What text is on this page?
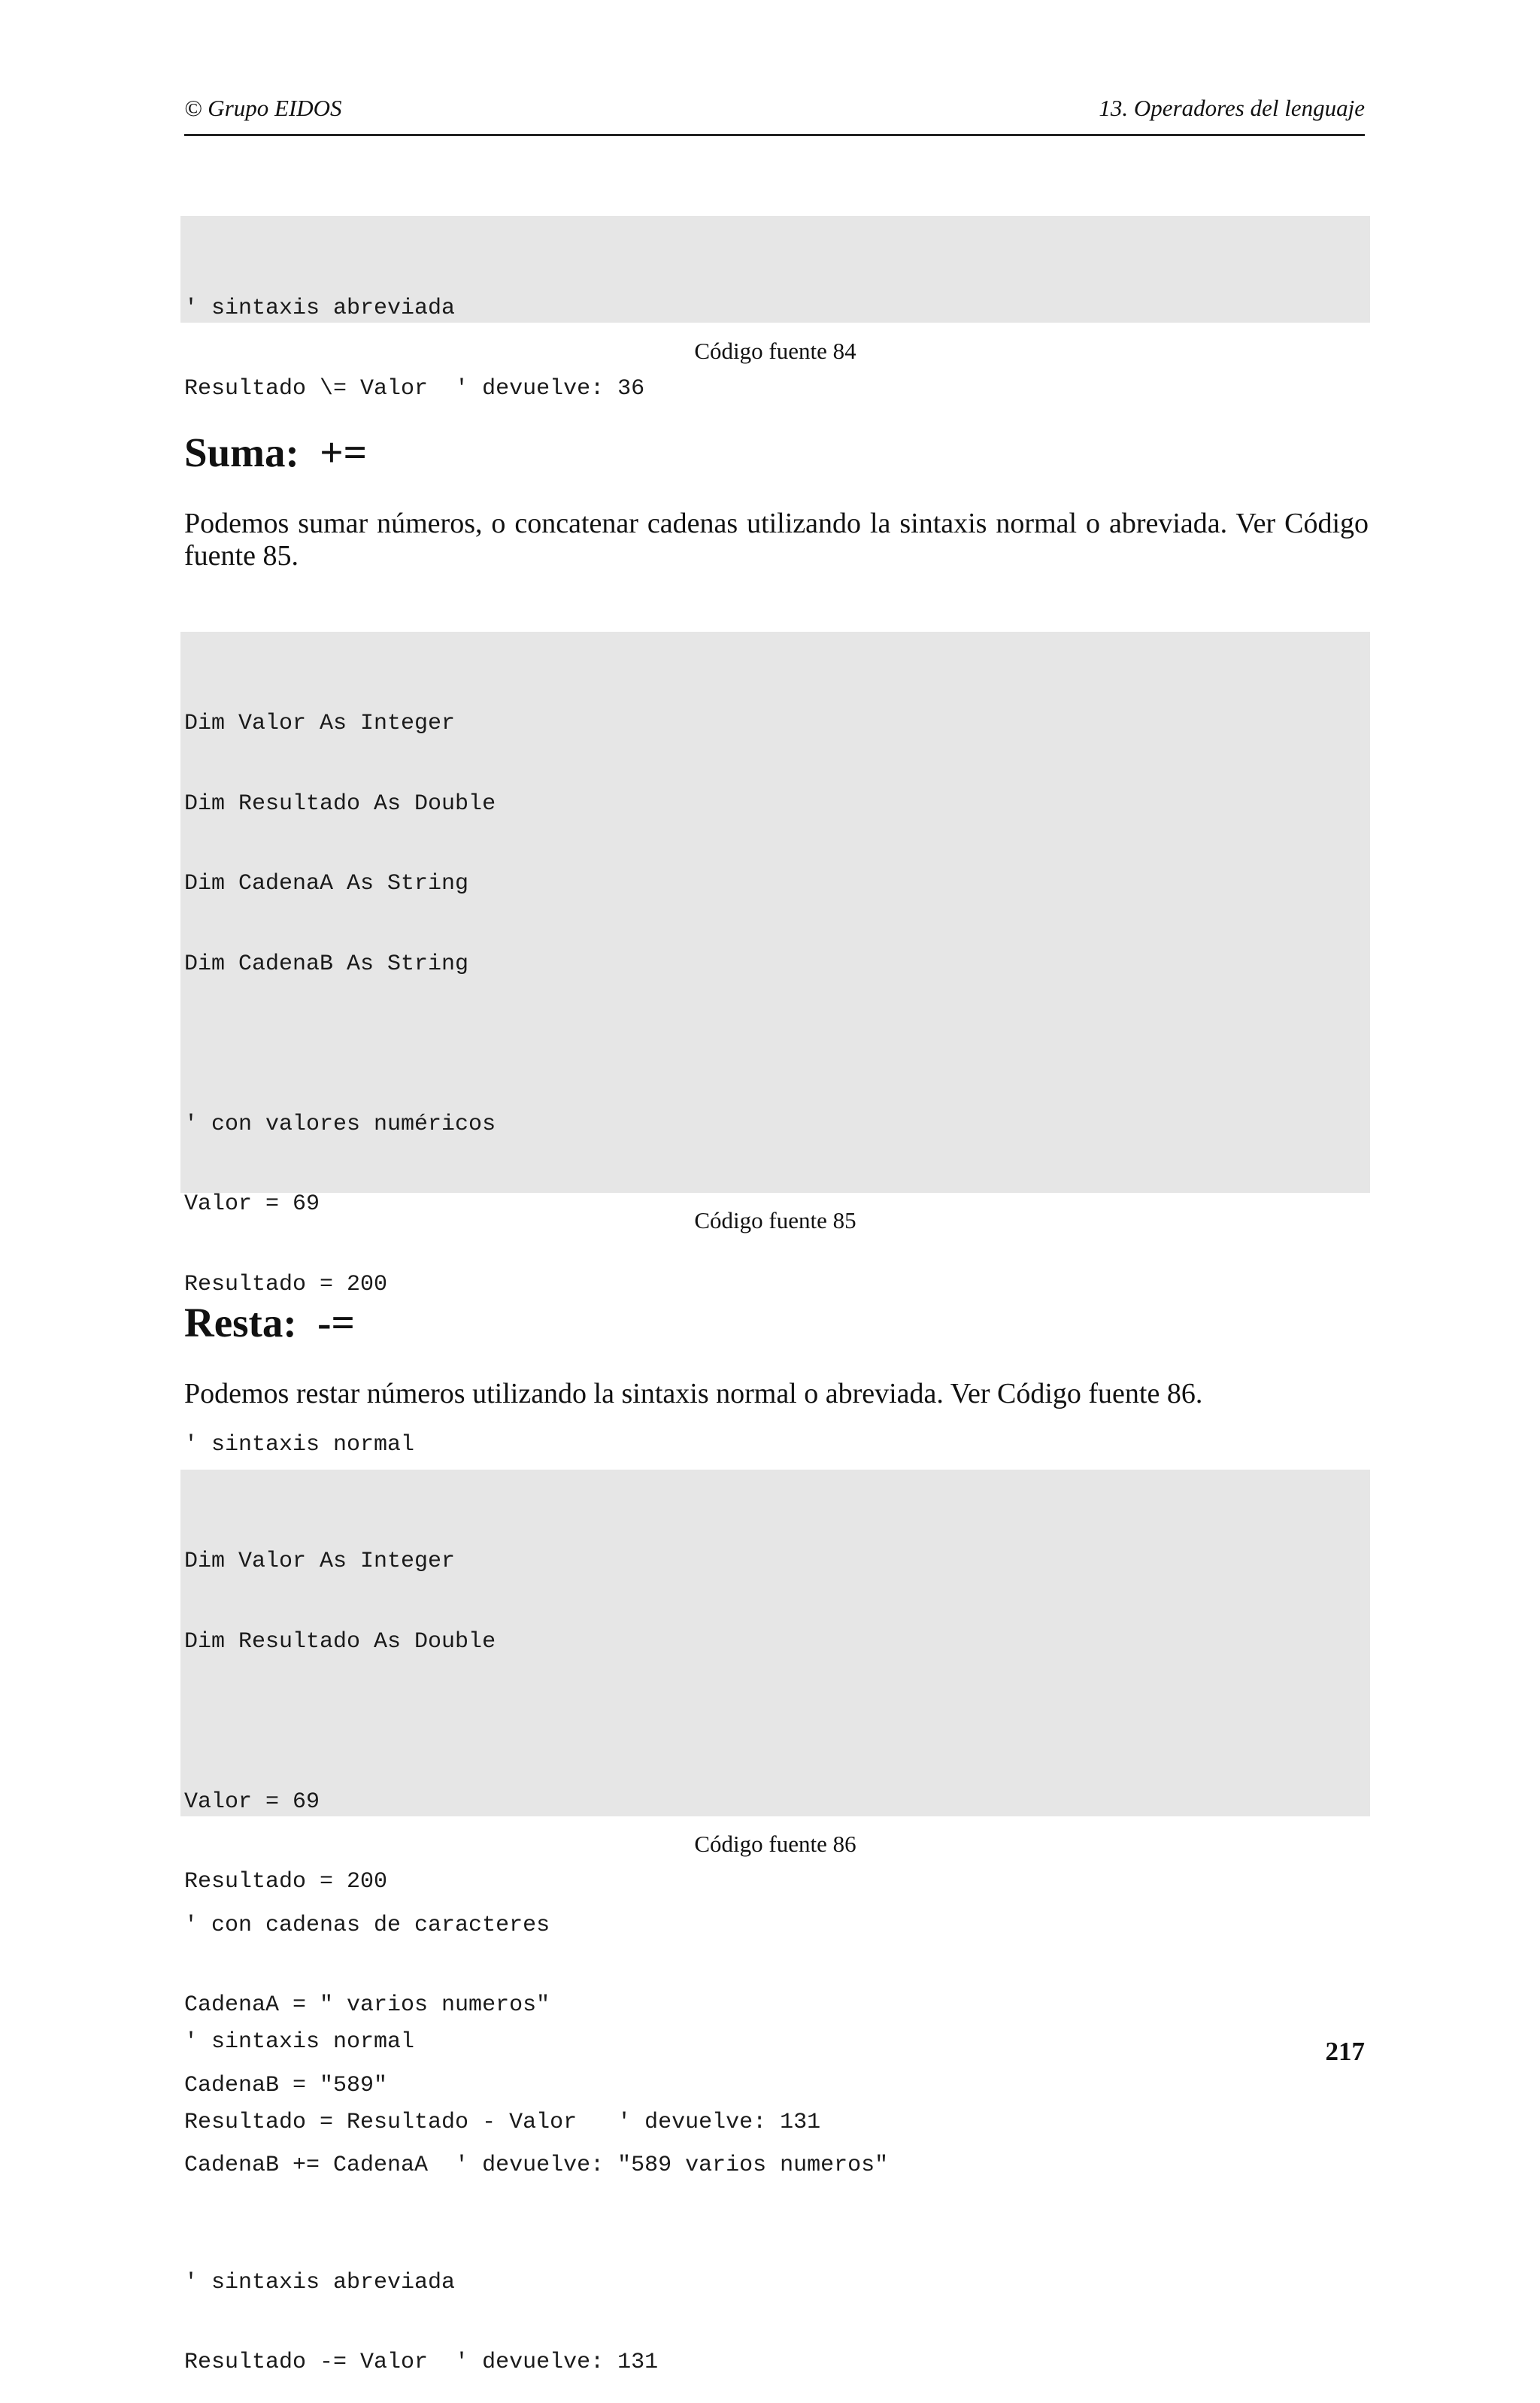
© Grupo EIDOS	13. Operadores del lenguaje

' sintaxis abreviada

Resultado \= Valor  ' devuelve: 36

Código fuente 84
Suma:  +=
Podemos sumar números, o concatenar cadenas utilizando la sintaxis normal o abreviada. Ver Código fuente 85.

Dim Valor As Integer

Dim Resultado As Double

Dim CadenaA As String

Dim CadenaB As String

' con valores numéricos

Valor = 69

Resultado = 200

' sintaxis normal

' con cadenas de caracteres

CadenaA = " varios numeros"

CadenaB = "589"

CadenaB += CadenaA  ' devuelve: "589 varios numeros"

Código fuente 85
Resta:  -=
Podemos restar números utilizando la sintaxis normal o abreviada. Ver Código fuente 86.

Dim Valor As Integer

Dim Resultado As Double

Valor = 69

Resultado = 200

' sintaxis normal

Resultado = Resultado - Valor   ' devuelve: 131

' sintaxis abreviada

Resultado -= Valor  ' devuelve: 131

Código fuente 86
217
